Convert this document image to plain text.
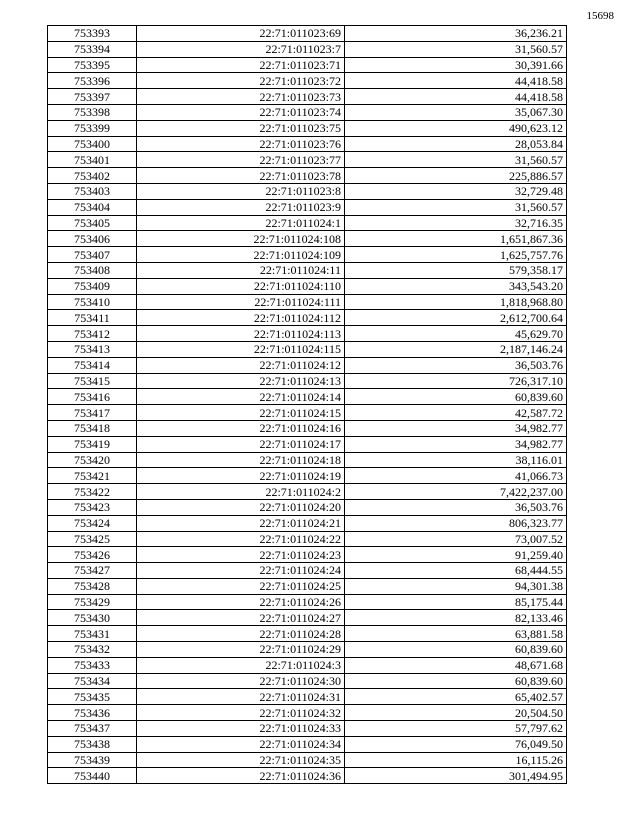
15698
753393	22:71:011023:69	36,236.21
753394	22:71:011023:7	31,560.57
753395	22:71:011023:71	30,391.66
753396	22:71:011023:72	44,418.58
753397	22:71:011023:73	44,418.58
753398	22:71:011023:74	35,067.30
753399	22:71:011023:75	490,623.12
753400	22:71:011023:76	28,053.84
753401	22:71:011023:77	31,560.57
753402	22:71:011023:78	225,886.57
753403	22:71:011023:8	32,729.48
753404	22:71:011023:9	31,560.57
753405	22:71:011024:1	32,716.35
753406	22:71:011024:108	1,651,867.36
753407	22:71:011024:109	1,625,757.76
753408	22:71:011024:11	579,358.17
753409	22:71:011024:110	343,543.20
753410	22:71:011024:111	1,818,968.80
753411	22:71:011024:112	2,612,700.64
753412	22:71:011024:113	45,629.70
753413	22:71:011024:115	2,187,146.24
753414	22:71:011024:12	36,503.76
753415	22:71:011024:13	726,317.10
753416	22:71:011024:14	60,839.60
753417	22:71:011024:15	42,587.72
753418	22:71:011024:16	34,982.77
753419	22:71:011024:17	34,982.77
753420	22:71:011024:18	38,116.01
753421	22:71:011024:19	41,066.73
753422	22:71:011024:2	7,422,237.00
753423	22:71:011024:20	36,503.76
753424	22:71:011024:21	806,323.77
753425	22:71:011024:22	73,007.52
753426	22:71:011024:23	91,259.40
753427	22:71:011024:24	68,444.55
753428	22:71:011024:25	94,301.38
753429	22:71:011024:26	85,175.44
753430	22:71:011024:27	82,133.46
753431	22:71:011024:28	63,881.58
753432	22:71:011024:29	60,839.60
753433	22:71:011024:3	48,671.68
753434	22:71:011024:30	60,839.60
753435	22:71:011024:31	65,402.57
753436	22:71:011024:32	20,504.50
753437	22:71:011024:33	57,797.62
753438	22:71:011024:34	76,049.50
753439	22:71:011024:35	16,115.26
753440	22:71:011024:36	301,494.95
